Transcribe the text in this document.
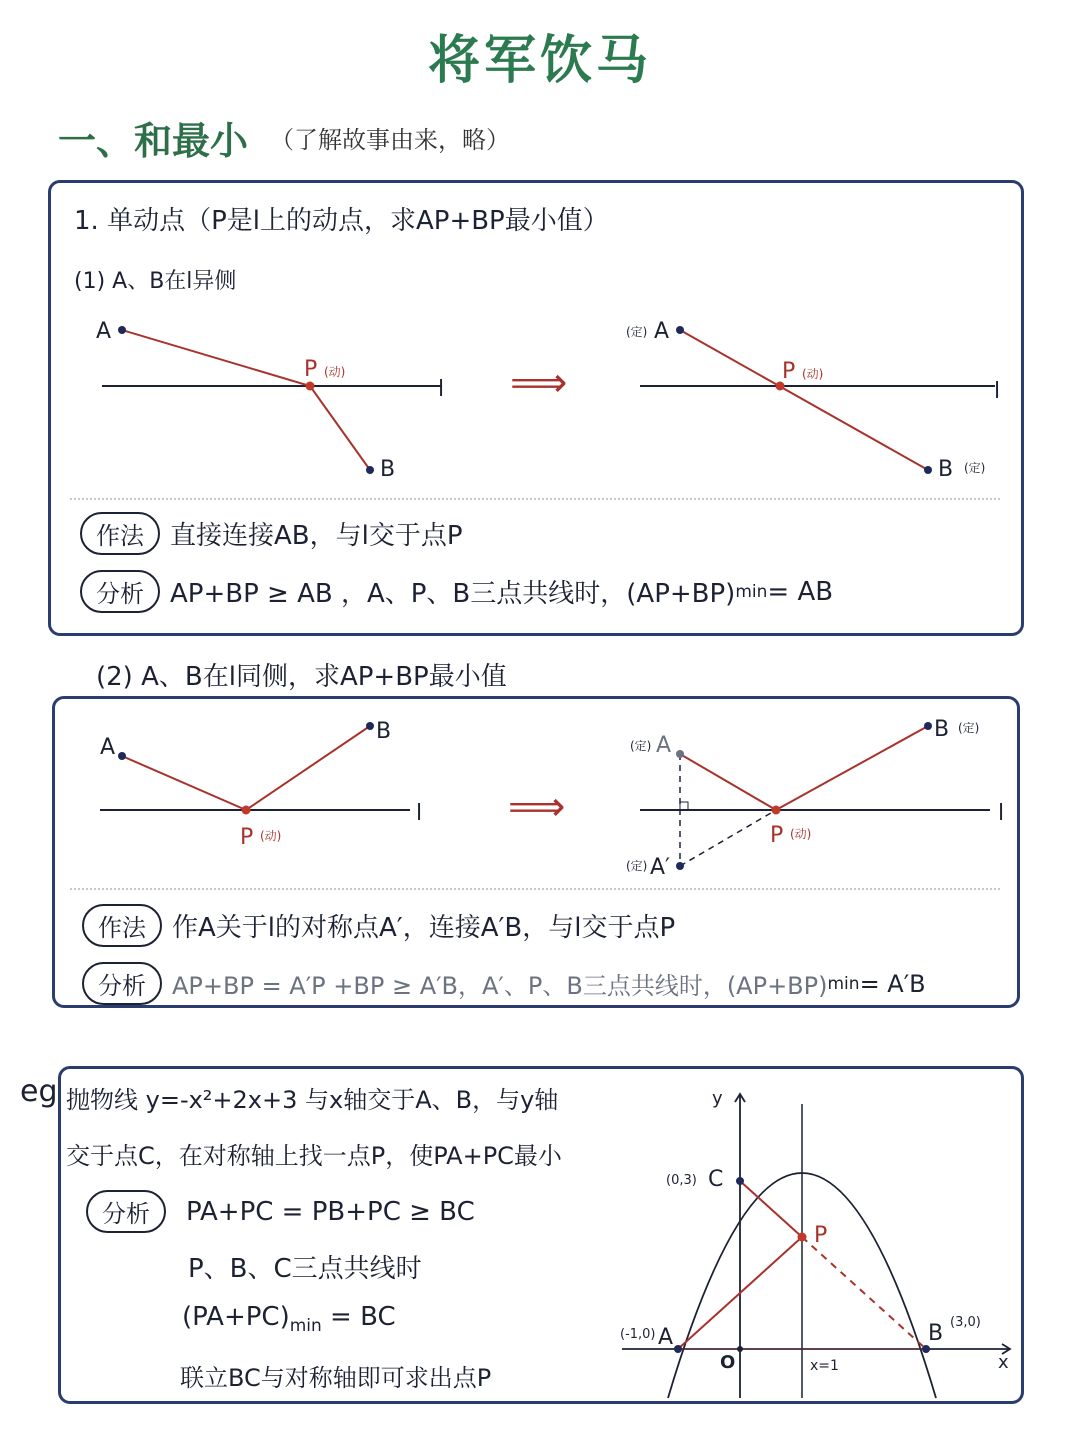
将军饮马
一、和最小 （了解故事由来，略）
1. 单动点（P是l上的动点，求AP+BP最小值）
(1) A、B在l异侧
A
P (动)
B
l ⟹
(定) A
P (动)
B (定)
l
作法	直接连接AB，与l交于点P
分析	AP+BP ≥ AB ，A、P、B三点共线时，(AP+BP) min = AB
(2) A、B在l同侧，求AP+BP最小值
A
B
P (动)
l ⟹
(定) A
(定) A′
P (动)
B (定)
l
作法	作A关于l的对称点A′，连接A′B，与l交于点P
分析	AP+BP = A′P +BP ≥ A′B，A′、P、B三点共线时，(AP+BP) min = A′B
eg 抛物线 y=-x²+2x+3 与x轴交于A、B，与y轴
交于点C，在对称轴上找一点P，使PA+PC最小
分析	PA+PC = PB+PC ≥ BC
P、B、C三点共线时
$(PA+PC)_{min}$ = BC
联立BC与对称轴即可求出点P
y
x
O
(0,3) C
(-1,0) A	B (3,0)
P
x=1
